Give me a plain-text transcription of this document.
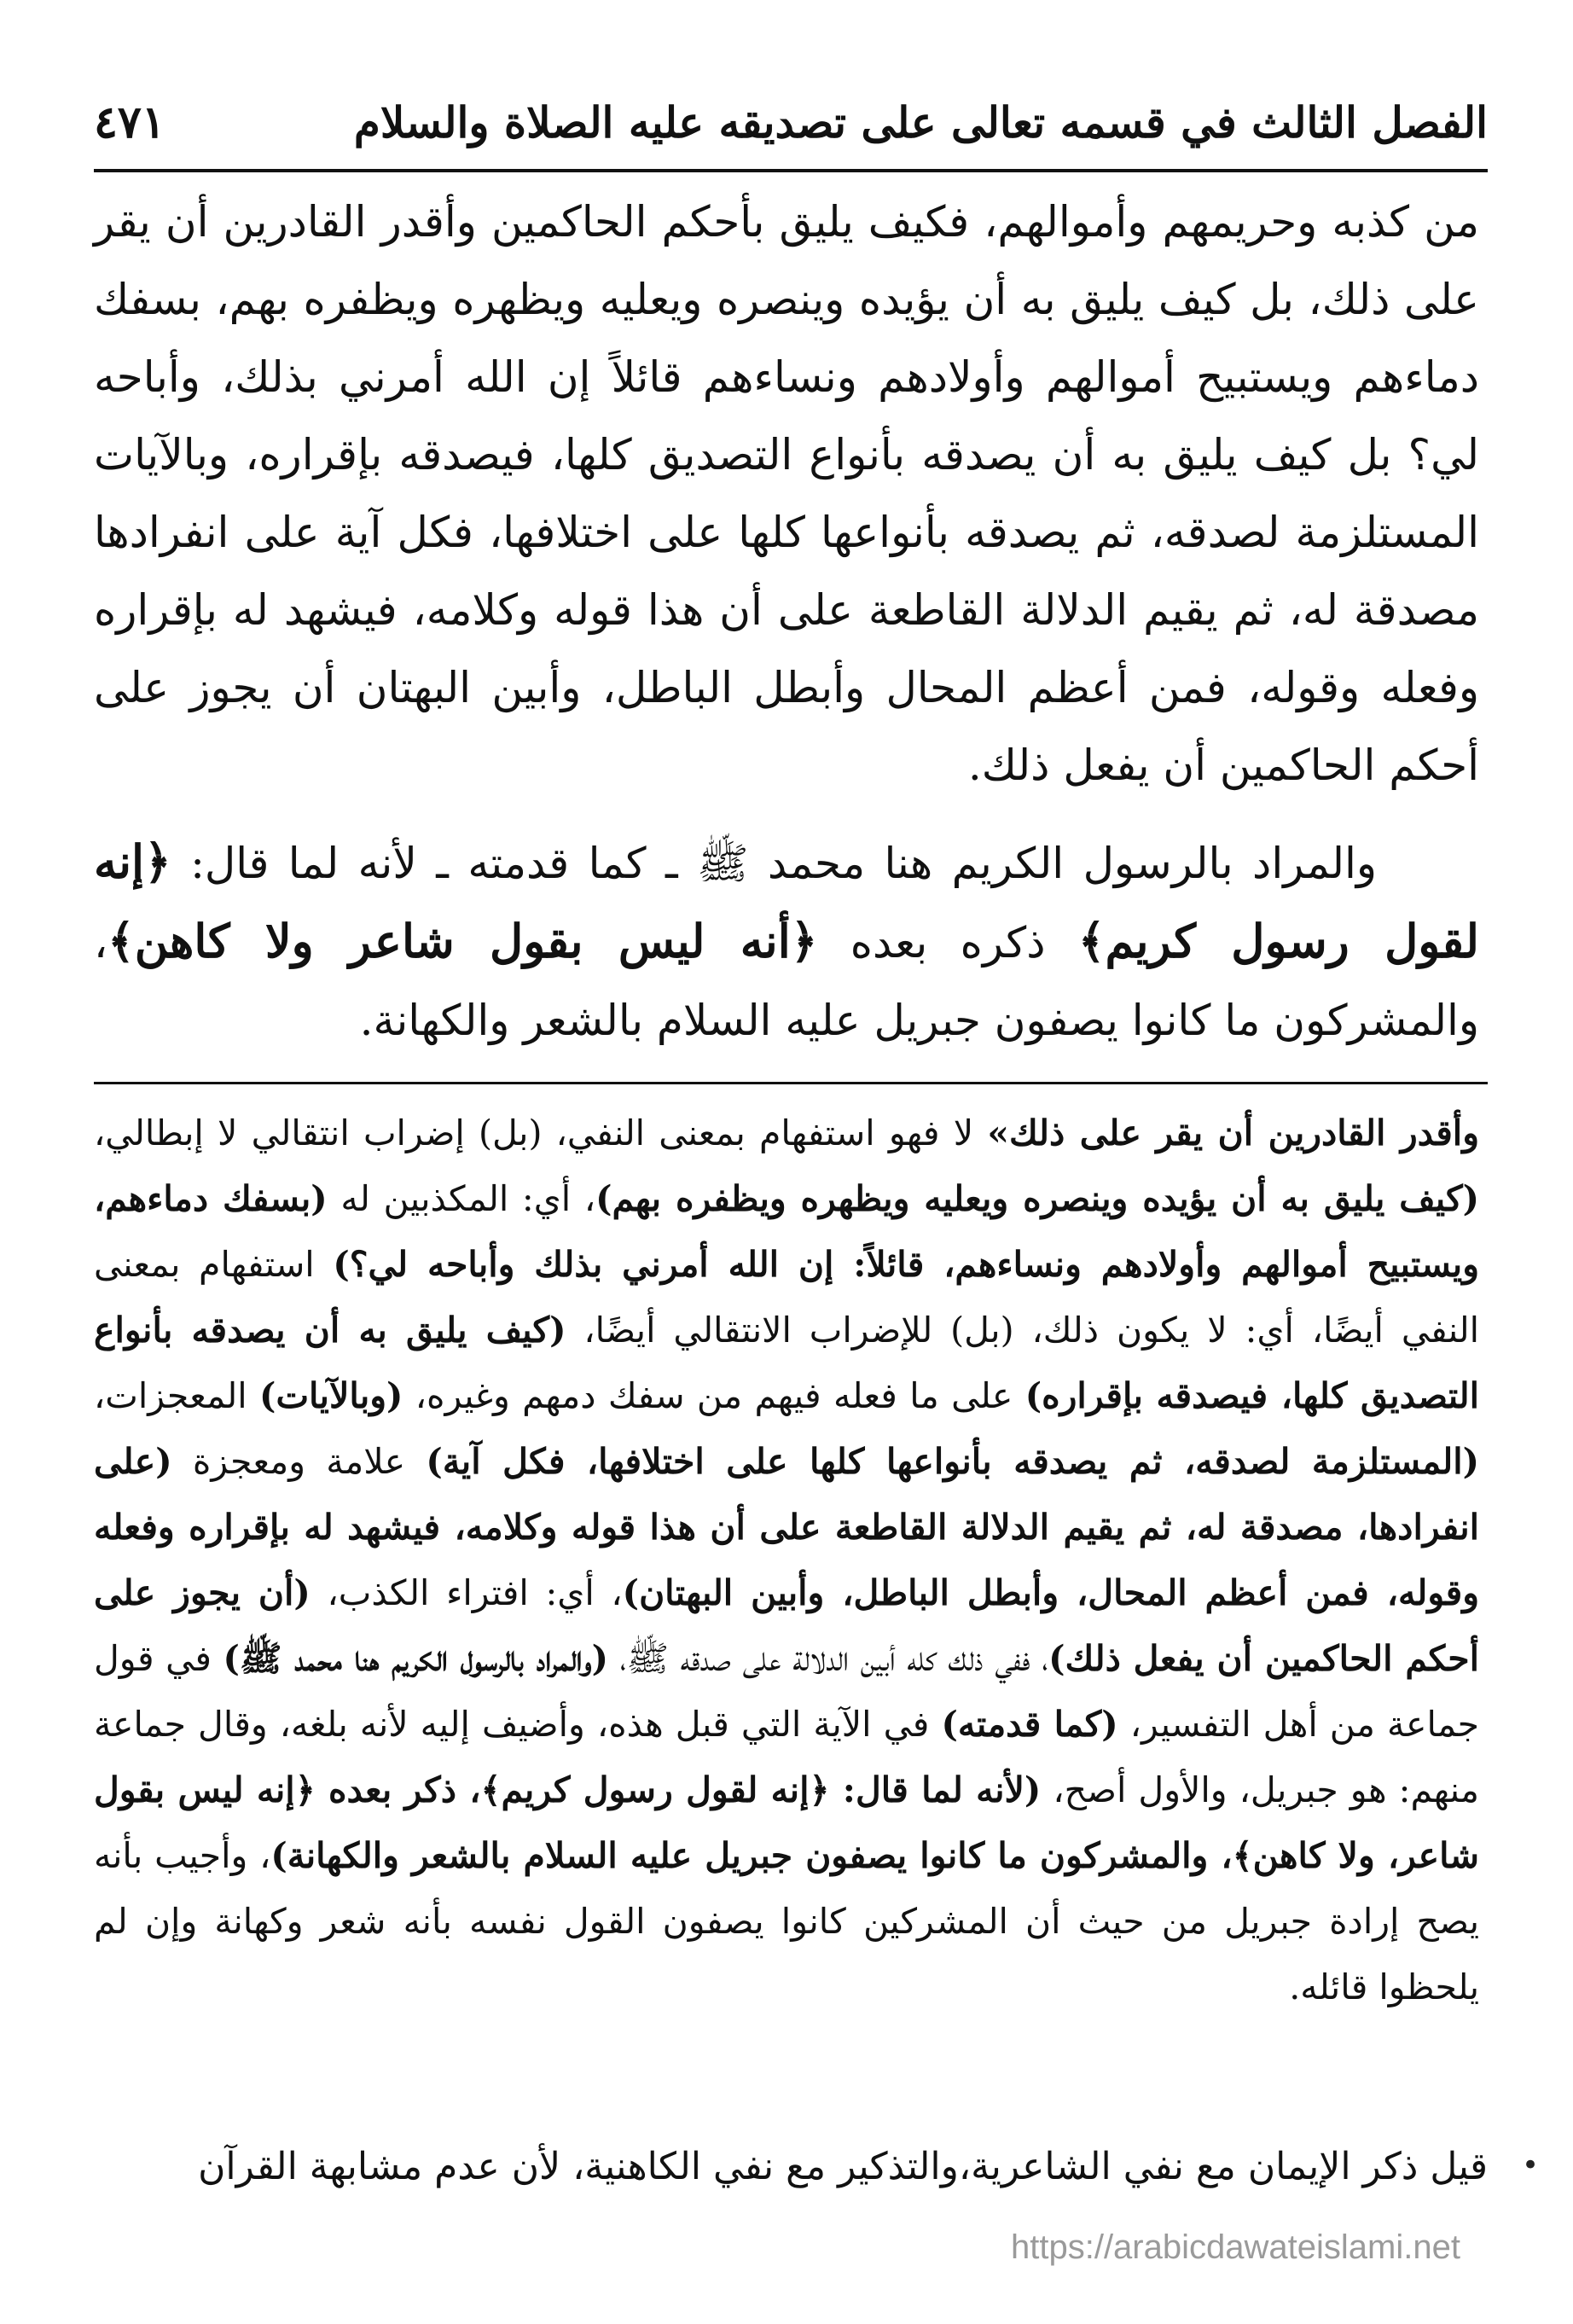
الفصل الثالث في قسمه تعالى على تصديقه عليه الصلاة والسلام
٤٧١

من كذبه وحريمهم وأموالهم، فكيف يليق بأحكم الحاكمين وأقدر القادرين أن يقر على ذلك، بل كيف يليق به أن يؤيده وينصره ويعليه ويظهره ويظفره بهم، بسفك دماءهم ويستبيح أموالهم وأولادهم ونساءهم قائلاً إن الله أمرني بذلك، وأباحه لي؟ بل كيف يليق به أن يصدقه بأنواع التصديق كلها، فيصدقه بإقراره، وبالآيات المستلزمة لصدقه، ثم يصدقه بأنواعها كلها على اختلافها، فكل آية على انفرادها مصدقة له، ثم يقيم الدلالة القاطعة على أن هذا قوله وكلامه، فيشهد له بإقراره وفعله وقوله، فمن أعظم المحال وأبطل الباطل، وأبين البهتان أن يجوز على أحكم الحاكمين أن يفعل ذلك.

والمراد بالرسول الكريم هنا محمد ﷺ ـ كما قدمته ـ لأنه لما قال: ﴿إنه لقول رسول كريم﴾ ذكره بعده ﴿أنه ليس بقول شاعر ولا كاهن﴾، والمشركون ما كانوا يصفون جبريل عليه السلام بالشعر والكهانة.

وأقدر القادرين أن يقر على ذلك» لا فهو استفهام بمعنى النفي، (بل) إضراب انتقالي لا إبطالي، (كيف يليق به أن يؤيده وينصره ويعليه ويظهره ويظفره بهم)، أي: المكذبين له (بسفك دماءهم، ويستبيح أموالهم وأولادهم ونساءهم، قائلاً: إن الله أمرني بذلك وأباحه لي؟) استفهام بمعنى النفي أيضًا، أي: لا يكون ذلك، (بل) للإضراب الانتقالي أيضًا، (كيف يليق به أن يصدقه بأنواع التصديق كلها، فيصدقه بإقراره) على ما فعله فيهم من سفك دمهم وغيره، (وبالآيات) المعجزات، (المستلزمة لصدقه، ثم يصدقه بأنواعها كلها على اختلافها، فكل آية) علامة ومعجزة (على انفرادها، مصدقة له، ثم يقيم الدلالة القاطعة على أن هذا قوله وكلامه، فيشهد له بإقراره وفعله وقوله، فمن أعظم المحال، وأبطل الباطل، وأبين البهتان)، أي: افتراء الكذب، (أن يجوز على أحكم الحاكمين أن يفعل ذلك)، ففي ذلك كله أبين الدلالة على صدقه ﷺ، (والمراد بالرسول الكريم هنا محمد ﷺ) في قول جماعة من أهل التفسير، (كما قدمته) في الآية التي قبل هذه، وأضيف إليه لأنه بلغه، وقال جماعة منهم: هو جبريل، والأول أصح، (لأنه لما قال: ﴿إنه لقول رسول كريم﴾، ذكر بعده ﴿إنه ليس بقول شاعر، ولا كاهن﴾، والمشركون ما كانوا يصفون جبريل عليه السلام بالشعر والكهانة)، وأجيب بأنه يصح إرادة جبريل من حيث أن المشركين كانوا يصفون القول نفسه بأنه شعر وكهانة وإن لم يلحظوا قائله.

قيل ذكر الإيمان مع نفي الشاعرية،والتذكير مع نفي الكاهنية، لأن عدم مشابهة القرآن •
https://arabicdawateislami.net
